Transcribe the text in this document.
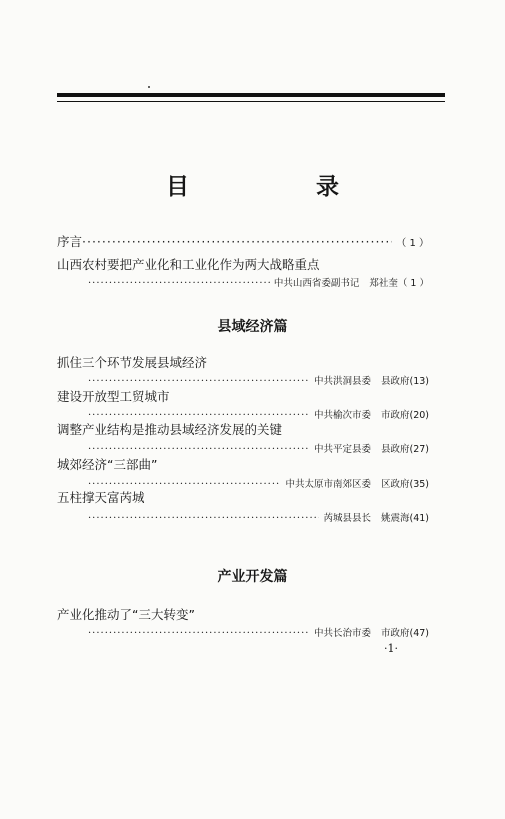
目　录
序言
·····	（ 1 ）
山西农村要把产业化和工业化作为两大战略重点
·····
中共山西省委副书记 郑社奎（ 1 ）
县域经济篇
抓住三个环节发展县域经济
·····
中共洪洞县委 县政府(13)
建设开放型工贸城市
·····
中共榆次市委 市政府(20)
调整产业结构是推动县域经济发展的关键
·····
中共平定县委 县政府(27)
城郊经济“三部曲”
·····
中共太原市南郊区委 区政府(35)
五柱撑天富芮城
·····
芮城县县长 姚震海(41)
产业开发篇
产业化推动了“三大转变”
·····
中共长治市委 市政府(47)
·1·
